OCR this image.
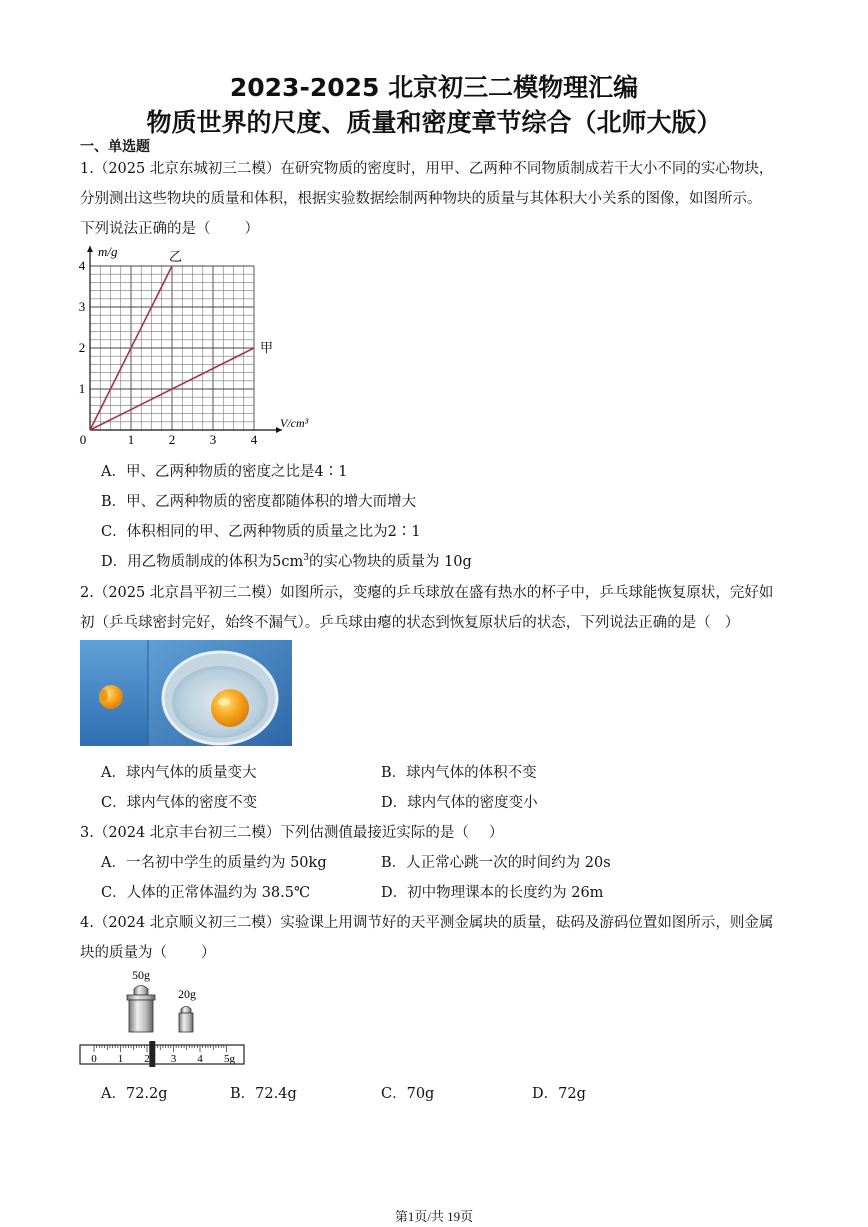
2023-2025 北京初三二模物理汇编
物质世界的尺度、质量和密度章节综合（北师大版）
一、单选题
1.（2025 北京东城初三二模）在研究物质的密度时，用甲、乙两种不同物质制成若干大小不同的实心物块，
分别测出这些物块的质量和体积，根据实验数据绘制两种物块的质量与其体积大小关系的图像，如图所示。
下列说法正确的是（ ）
0	1	2	3	4
1
2
3
4
m/g
V/cm³
乙
甲
A．甲、乙两种物质的密度之比是4∶1
B．甲、乙两种物质的密度都随体积的增大而增大
C．体积相同的甲、乙两种物质的质量之比为2∶1
D．用乙物质制成的体积为$5cm^3$的实心物块的质量为 10g
2.（2025 北京昌平初三二模）如图所示，变瘪的乒乓球放在盛有热水的杯子中，乒乓球能恢复原状，完好如
初（乒乓球密封完好，始终不漏气）。乒乓球由瘪的状态到恢复原状后的状态，下列说法正确的是（ ）
A．球内气体的质量变大	B．球内气体的体积不变
C．球内气体的密度不变	D．球内气体的密度变小
3.（2024 北京丰台初三二模）下列估测值最接近实际的是（ ）
A．一名初中学生的质量约为 50kg	B．人正常心跳一次的时间约为 20s
C．人体的正常体温约为 38.5℃	D．初中物理课本的长度约为 26m
4.（2024 北京顺义初三二模）实验课上用调节好的天平测金属块的质量，砝码及游码位置如图所示，则金属
块的质量为（ ）
50g
20g
0 1 2 3 4 5g
A．72.2g	B．72.4g	C．70g	D．72g
第1页/共 19页
